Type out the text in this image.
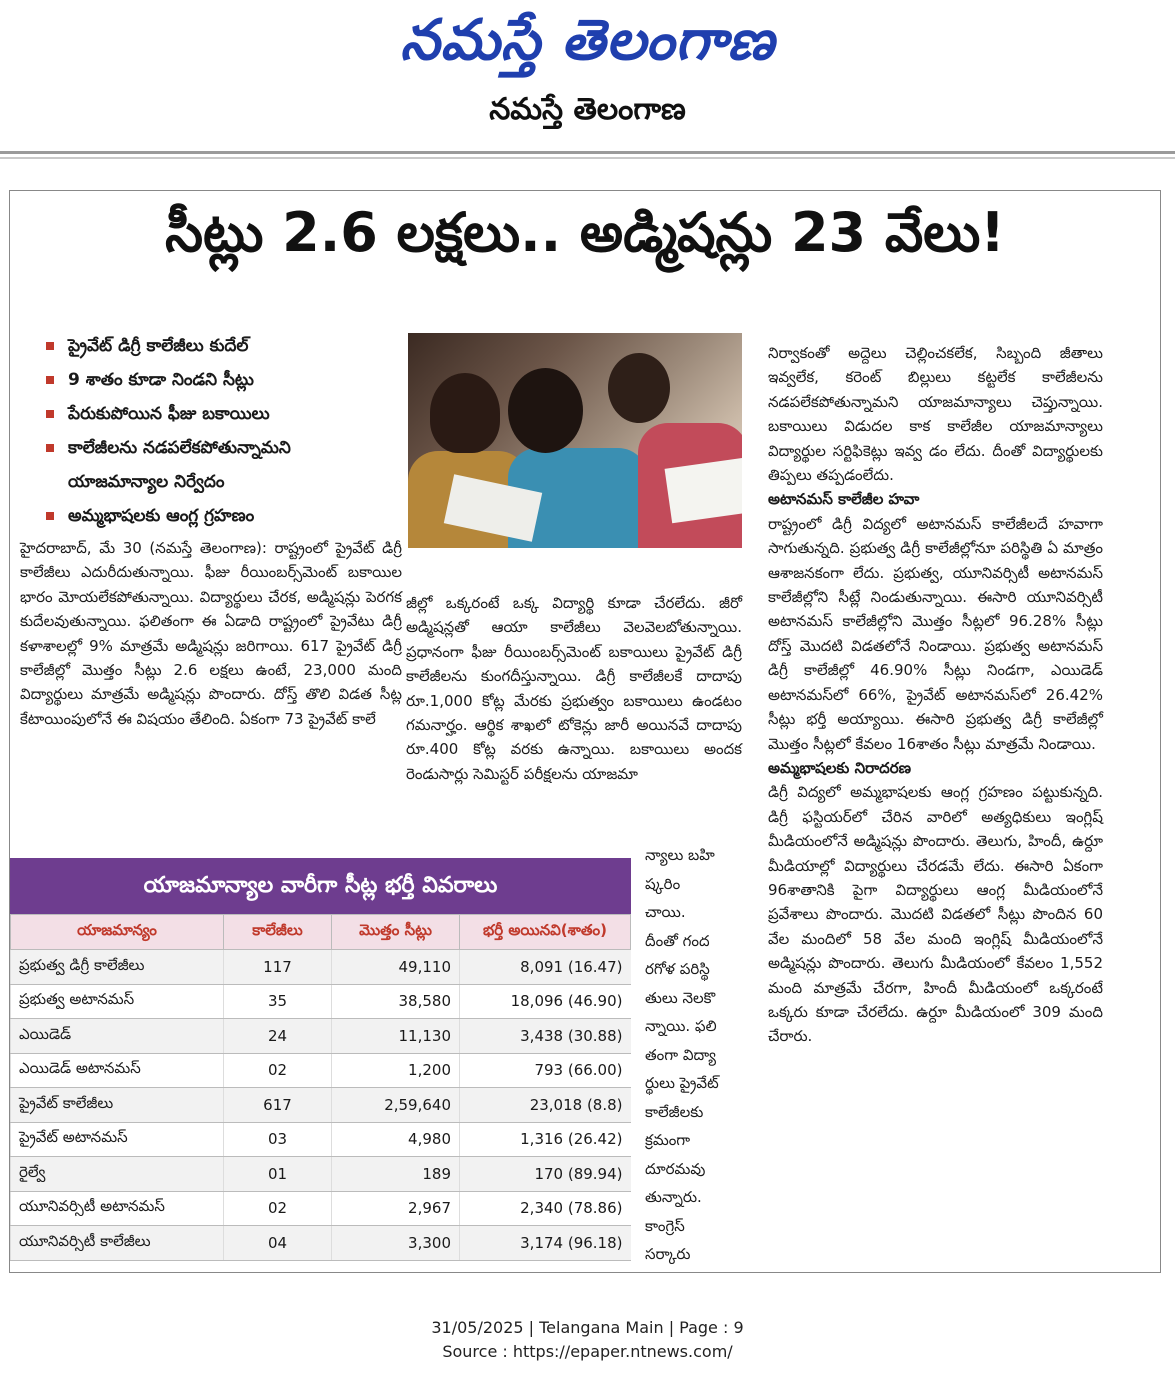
నమస్తే తెలంగాణ
నమస్తే తెలంగాణ
సీట్లు 2.6 లక్షలు.. అడ్మిషన్లు 23 వేలు!
ప్రైవేట్ డిగ్రీ కాలేజీలు కుదేల్
9 శాతం కూడా నిండని సీట్లు
పేరుకుపోయిన ఫీజు బకాయిలు
కాలేజీలను నడపలేకపోతున్నామని
యాజమాన్యాల నిర్వేదం
అమ్మభాషలకు ఆంగ్ల గ్రహణం

హైదరాబాద్, మే 30 (నమస్తే తెలంగాణ): రాష్ట్రంలో ప్రైవేట్ డిగ్రీ కాలేజీలు ఎదురీదుతున్నాయి. ఫీజు రీయింబర్స్‌మెంట్ బకాయిల భారం మోయలేకపోతున్నాయి. విద్యార్థులు చేరక, అడ్మిషన్లు పెరగక కుదేలవుతున్నాయి. ఫలితంగా ఈ ఏడాది రాష్ట్రంలో ప్రైవేటు డిగ్రీ కళాశాలల్లో 9% మాత్రమే అడ్మిషన్లు జరిగాయి. 617 ప్రైవేట్ డిగ్రీ కాలేజీల్లో మొత్తం సీట్లు 2.6 లక్షలు ఉంటే, 23,000 మంది విద్యార్థులు మాత్రమే అడ్మిషన్లు పొందారు. దోస్త్ తొలి విడత సీట్ల కేటాయింపులోనే ఈ విషయం తేలింది. ఏకంగా 73 ప్రైవేట్ కాలే

జీల్లో ఒక్కరంటే ఒక్క విద్యార్థి కూడా చేరలేదు. జీరో అడ్మిషన్లతో ఆయా కాలేజీలు వెలవెలబోతున్నాయి. ప్రధానంగా ఫీజు రీయింబర్స్‌మెంట్ బకాయిలు ప్రైవేట్ డిగ్రీ కాలేజీలను కుంగదీస్తున్నాయి. డిగ్రీ కాలేజీలకే దాదాపు రూ.1,000 కోట్ల మేరకు ప్రభుత్వం బకాయిలు ఉండటం గమనార్హం. ఆర్థిక శాఖలో టోకెన్లు జారీ అయినవే దాదాపు రూ.400 కోట్ల వరకు ఉన్నాయి. బకాయిలు అందక రెండుసార్లు సెమిస్టర్ పరీక్షలను యాజమా

న్యాలు బహి

ష్కరిం

చాయి.

దీంతో గంద

రగోళ పరిస్థి

తులు నెలకొ

న్నాయి. ఫలి

తంగా విద్యా

ర్థులు ప్రైవేట్

కాలేజీలకు

క్రమంగా

దూరమవు

తున్నారు.

కాంగ్రెస్

సర్కారు

నిర్వాకంతో అద్దెలు చెల్లించకలేక, సిబ్బంది జీతాలు ఇవ్వలేక, కరెంట్ బిల్లులు కట్టలేక కాలేజీలను నడపలేకపోతున్నామని యాజమాన్యాలు చెప్తున్నాయి. బకాయిలు విడుదల కాక కాలేజీల యాజమాన్యాలు విద్యార్థుల సర్టిఫికెట్లు ఇవ్వ డం లేదు. దీంతో విద్యార్థులకు తిప్పలు తప్పడంలేదు.

అటానమస్ కాలేజీల హవా

రాష్ట్రంలో డిగ్రీ విద్యలో అటానమస్ కాలేజీలదే హవాగా సాగుతున్నది. ప్రభుత్వ డిగ్రీ కాలేజీల్లోనూ పరిస్థితి ఏ మాత్రం ఆశాజనకంగా లేదు. ప్రభుత్వ, యూనివర్సిటీ అటానమస్ కాలేజీల్లోని సీట్లే నిండుతున్నాయి. ఈసారి యూనివర్సిటీ అటానమస్ కాలేజీల్లోని మొత్తం సీట్లలో 96.28% సీట్లు దోస్త్ మొదటి విడతలోనే నిండాయి. ప్రభుత్వ అటానమస్ డిగ్రీ కాలేజీల్లో 46.90% సీట్లు నిండగా, ఎయిడెడ్ అటానమస్‌లో 66%, ప్రైవేట్ అటానమస్‌లో 26.42% సీట్లు భర్తీ అయ్యాయి. ఈసారి ప్రభుత్వ డిగ్రీ కాలేజీల్లో మొత్తం సీట్లలో కేవలం 16శాతం సీట్లు మాత్రమే నిండాయి.

అమ్మభాషలకు నిరాదరణ

డిగ్రీ విద్యలో అమ్మభాషలకు ఆంగ్ల గ్రహణం పట్టుకున్నది. డిగ్రీ ఫస్టియర్‌లో చేరిన వారిలో అత్యధికులు ఇంగ్లిష్ మీడియంలోనే అడ్మిషన్లు పొందారు. తెలుగు, హిందీ, ఉర్దూ మీడియాల్లో విద్యార్థులు చేరడమే లేదు. ఈసారి ఏకంగా 96శాతానికి పైగా విద్యార్థులు ఆంగ్ల మీడియంలోనే ప్రవేశాలు పొందారు. మొదటి విడతలో సీట్లు పొందిన 60 వేల మందిలో 58 వేల మంది ఇంగ్లిష్ మీడియంలోనే అడ్మిషన్లు పొందారు. తెలుగు మీడియంలో కేవలం 1,552 మంది మాత్రమే చేరగా, హిందీ మీడియంలో ఒక్కరంటే ఒక్కరు కూడా చేరలేదు. ఉర్దూ మీడియంలో 309 మంది చేరారు.

యాజమాన్యాల వారీగా సీట్ల భర్తీ వివరాలు
యాజమాన్యం	కాలేజీలు	మొత్తం సీట్లు	భర్తీ అయినవి(శాతం)
ప్రభుత్వ డిగ్రీ కాలేజీలు	117	49,110	8,091 (16.47)
ప్రభుత్వ అటానమస్	35	38,580	18,096 (46.90)
ఎయిడెడ్	24	11,130	3,438 (30.88)
ఎయిడెడ్ అటానమస్	02	1,200	793 (66.00)
ప్రైవేట్ కాలేజీలు	617	2,59,640	23,018 (8.8)
ప్రైవేట్ అటానమస్	03	4,980	1,316 (26.42)
రైల్వే	01	189	170 (89.94)
యూనివర్సిటీ అటానమస్	02	2,967	2,340 (78.86)
యూనివర్సిటీ కాలేజీలు	04	3,300	3,174 (96.18)
31/05/2025 | Telangana Main | Page : 9
Source : https://epaper.ntnews.com/
